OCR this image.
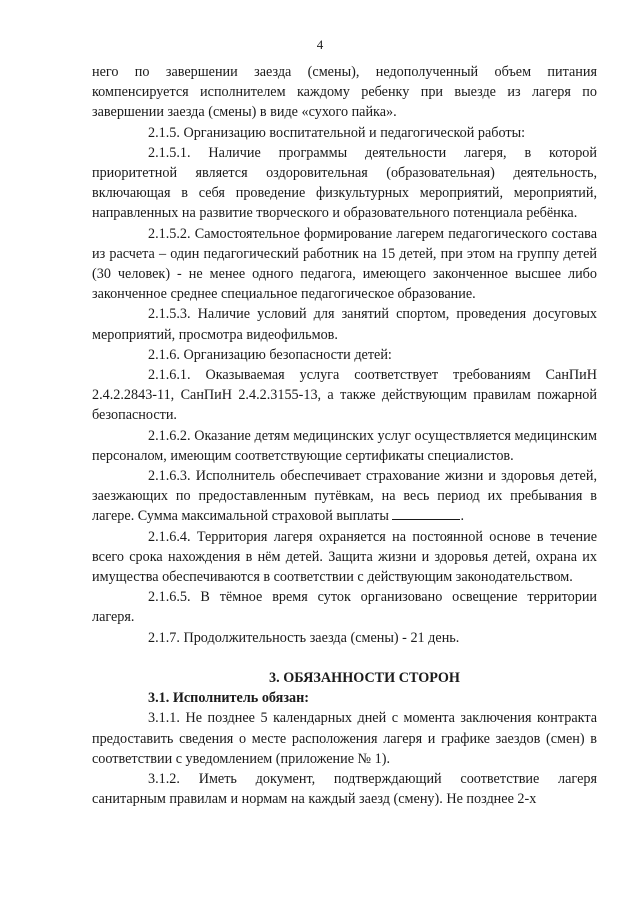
4

него по завершении заезда (смены), недополученный объем питания компенсируется исполнителем каждому ребенку при выезде из лагеря по завершении заезда (смены) в виде «сухого пайка».

2.1.5. Организацию воспитательной и педагогической работы:

2.1.5.1. Наличие программы деятельности лагеря, в которой приоритетной является оздоровительная (образовательная) деятельность, включающая в себя проведение физкультурных мероприятий, мероприятий, направленных на развитие творческого и образовательного потенциала ребёнка.

2.1.5.2. Самостоятельное формирование лагерем педагогического состава из расчета – один педагогический работник на 15 детей, при этом на группу детей (30 человек) - не менее одного педагога, имеющего законченное высшее либо законченное среднее специальное педагогическое образование.

2.1.5.3. Наличие условий для занятий спортом, проведения досуговых мероприятий, просмотра видеофильмов.

2.1.6. Организацию безопасности детей:

2.1.6.1. Оказываемая услуга соответствует требованиям СанПиН 2.4.2.2843-11, СанПиН 2.4.2.3155-13, а также действующим правилам пожарной безопасности.

2.1.6.2. Оказание детям медицинских услуг осуществляется медицинским персоналом, имеющим соответствующие сертификаты специалистов.

2.1.6.3. Исполнитель обеспечивает страхование жизни и здоровья детей, заезжающих по предоставленным путёвкам, на весь период их пребывания в лагере. Сумма максимальной страховой выплаты	.

2.1.6.4. Территория лагеря охраняется на постоянной основе в течение всего срока нахождения в нём детей. Защита жизни и здоровья детей, охрана их имущества обеспечиваются в соответствии с действующим законодательством.

2.1.6.5. В тёмное время суток организовано освещение территории лагеря.

2.1.7. Продолжительность заезда (смены) - 21 день.

3. ОБЯЗАННОСТИ СТОРОН

3.1. Исполнитель обязан:

3.1.1. Не позднее 5 календарных дней с момента заключения контракта предоставить сведения о месте расположения лагеря и графике заездов (смен) в соответствии с уведомлением (приложение № 1).

3.1.2. Иметь документ, подтверждающий соответствие лагеря санитарным правилам и нормам на каждый заезд (смену). Не позднее 2-х
